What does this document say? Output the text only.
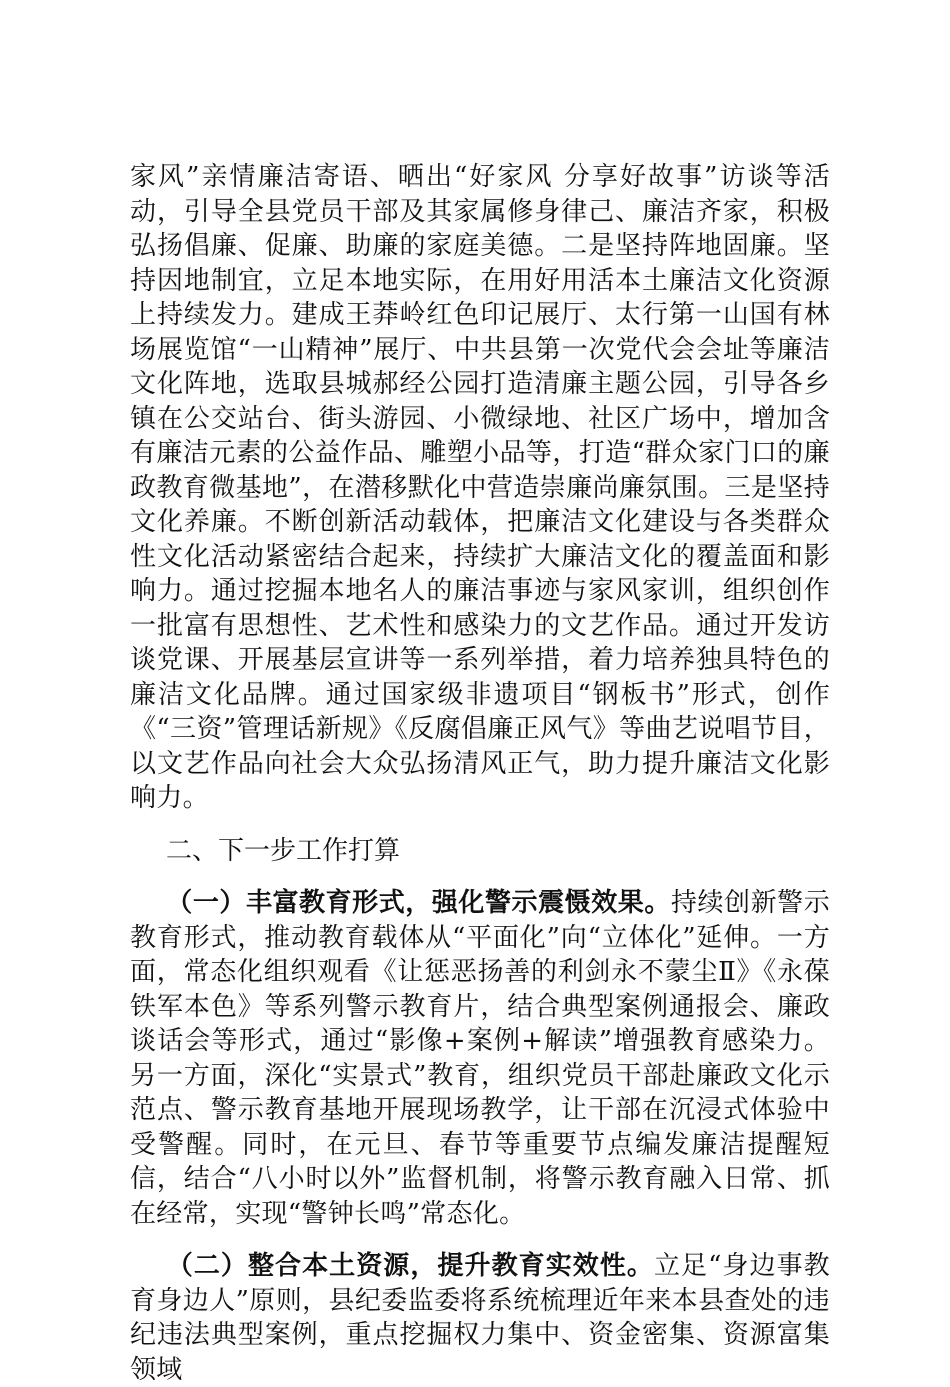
家风”亲情廉洁寄语、晒出“好家风 分享好故事”访谈等活动，引导全县党员干部及其家属修身律己、廉洁齐家，积极弘扬倡廉、促廉、助廉的家庭美德。二是坚持阵地固廉。坚持因地制宜，立足本地实际，在用好用活本土廉洁文化资源上持续发力。建成王莽岭红色印记展厅、太行第一山国有林场展览馆“一山精神”展厅、中共县第一次党代会会址等廉洁文化阵地，选取县城郝经公园打造清廉主题公园，引导各乡镇在公交站台、街头游园、小微绿地、社区广场中，增加含有廉洁元素的公益作品、雕塑小品等，打造“群众家门口的廉政教育微基地”，在潜移默化中营造崇廉尚廉氛围。三是坚持文化养廉。不断创新活动载体，把廉洁文化建设与各类群众性文化活动紧密结合起来，持续扩大廉洁文化的覆盖面和影响力。通过挖掘本地名人的廉洁事迹与家风家训，组织创作一批富有思想性、艺术性和感染力的文艺作品。通过开发访谈党课、开展基层宣讲等一系列举措，着力培养独具特色的廉洁文化品牌。通过国家级非遗项目“钢板书”形式，创作《“三资”管理话新规》《反腐倡廉正风气》等曲艺说唱节目，以文艺作品向社会大众弘扬清风正气，助力提升廉洁文化影响力。

二、下一步工作打算

（一）丰富教育形式，强化警示震慑效果。持续创新警示教育形式，推动教育载体从“平面化”向“立体化”延伸。一方面，常态化组织观看《让惩恶扬善的利剑永不蒙尘Ⅱ》《永葆铁军本色》等系列警示教育片，结合典型案例通报会、廉政谈话会等形式，通过“影像+案例+解读”增强教育感染力。另一方面，深化“实景式”教育，组织党员干部赴廉政文化示范点、警示教育基地开展现场教学，让干部在沉浸式体验中受警醒。同时，在元旦、春节等重要节点编发廉洁提醒短信，结合“八小时以外”监督机制，将警示教育融入日常、抓在经常，实现“警钟长鸣”常态化。

（二）整合本土资源，提升教育实效性。立足“身边事教育身边人”原则，县纪委监委将系统梳理近年来本县查处的违纪违法典型案例，重点挖掘权力集中、资金密集、资源富集领域
